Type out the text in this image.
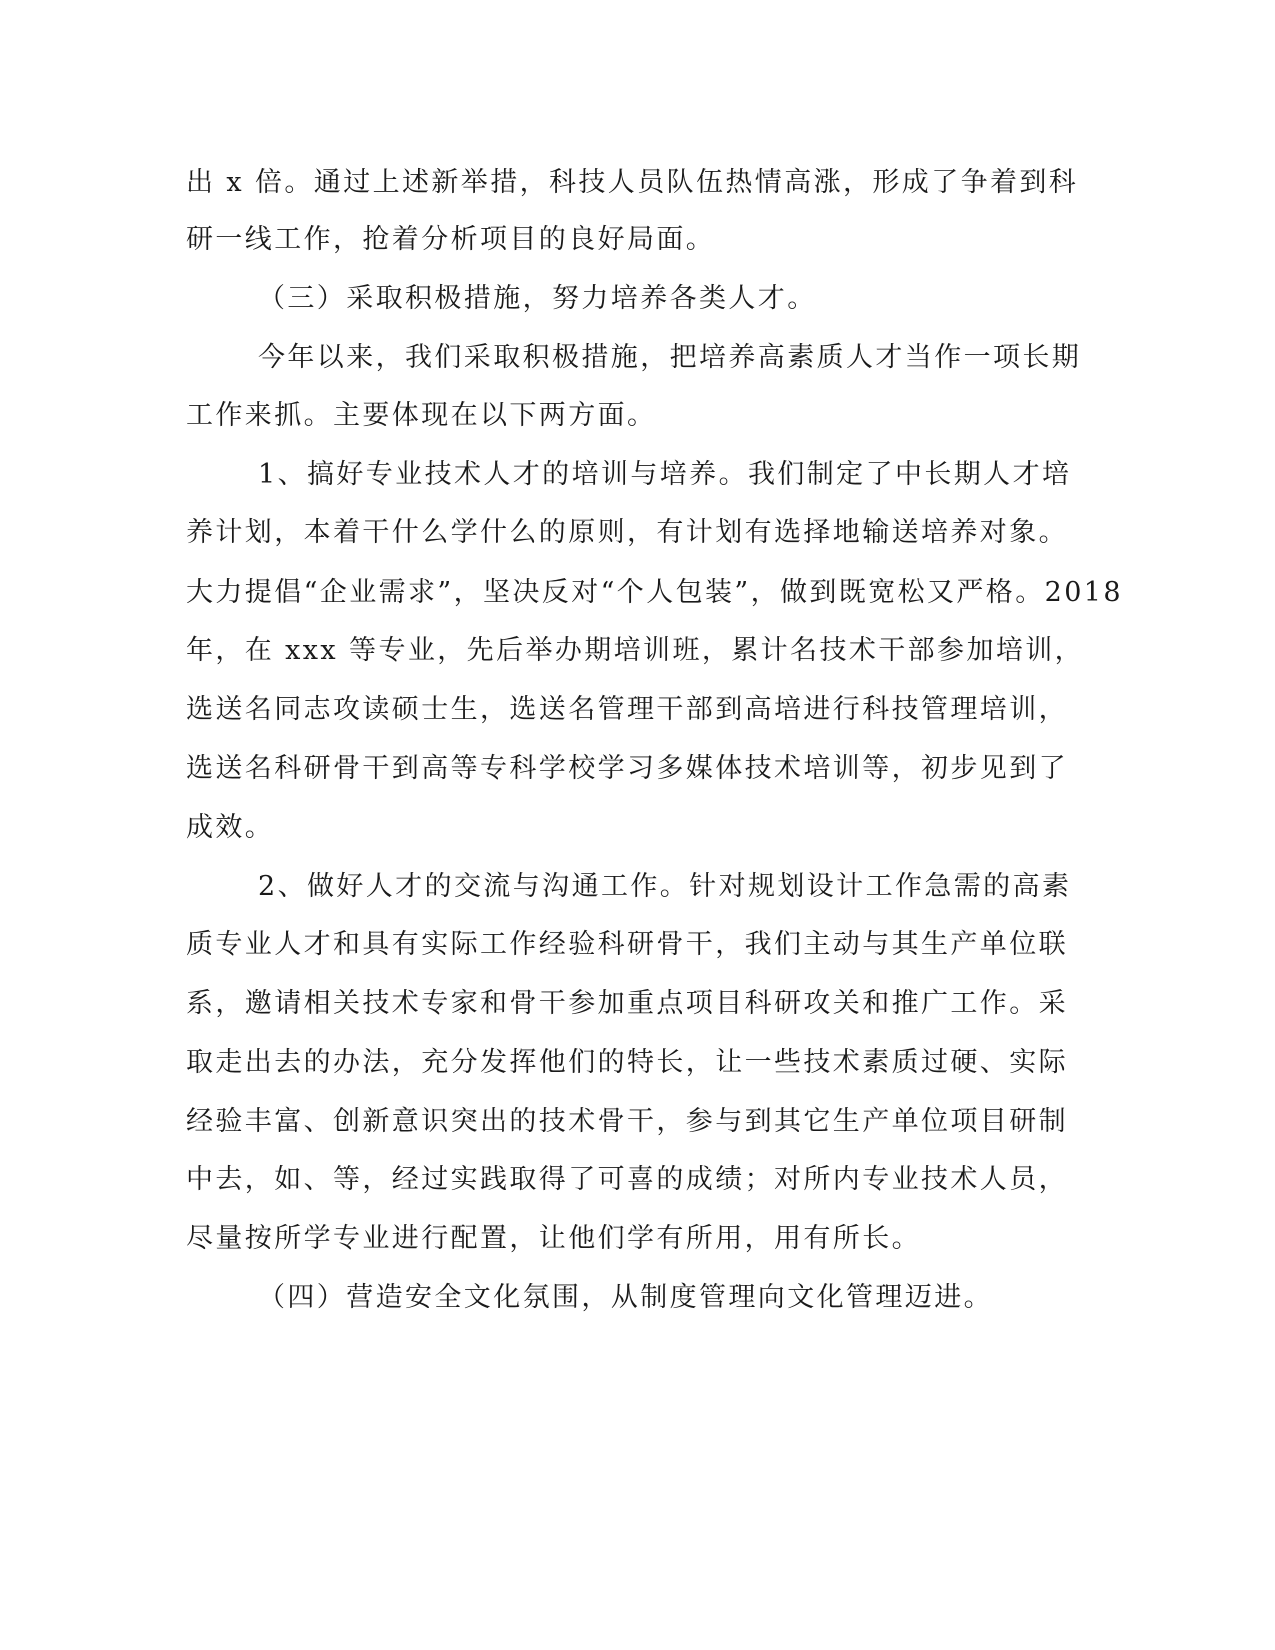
出 x 倍。通过上述新举措，科技人员队伍热情高涨，形成了争着到科

研一线工作，抢着分析项目的良好局面。

（三）采取积极措施，努力培养各类人才。

今年以来，我们采取积极措施，把培养高素质人才当作一项长期

工作来抓。主要体现在以下两方面。

1、搞好专业技术人才的培训与培养。我们制定了中长期人才培

养计划，本着干什么学什么的原则，有计划有选择地输送培养对象。

大力提倡“企业需求”，坚决反对“个人包装”，做到既宽松又严格。2018

年，在 xxx 等专业，先后举办期培训班，累计名技术干部参加培训，

选送名同志攻读硕士生，选送名管理干部到高培进行科技管理培训，

选送名科研骨干到高等专科学校学习多媒体技术培训等，初步见到了

成效。

2、做好人才的交流与沟通工作。针对规划设计工作急需的高素

质专业人才和具有实际工作经验科研骨干，我们主动与其生产单位联

系，邀请相关技术专家和骨干参加重点项目科研攻关和推广工作。采

取走出去的办法，充分发挥他们的特长，让一些技术素质过硬、实际

经验丰富、创新意识突出的技术骨干，参与到其它生产单位项目研制

中去，如、等，经过实践取得了可喜的成绩；对所内专业技术人员，

尽量按所学专业进行配置，让他们学有所用，用有所长。

（四）营造安全文化氛围，从制度管理向文化管理迈进。
